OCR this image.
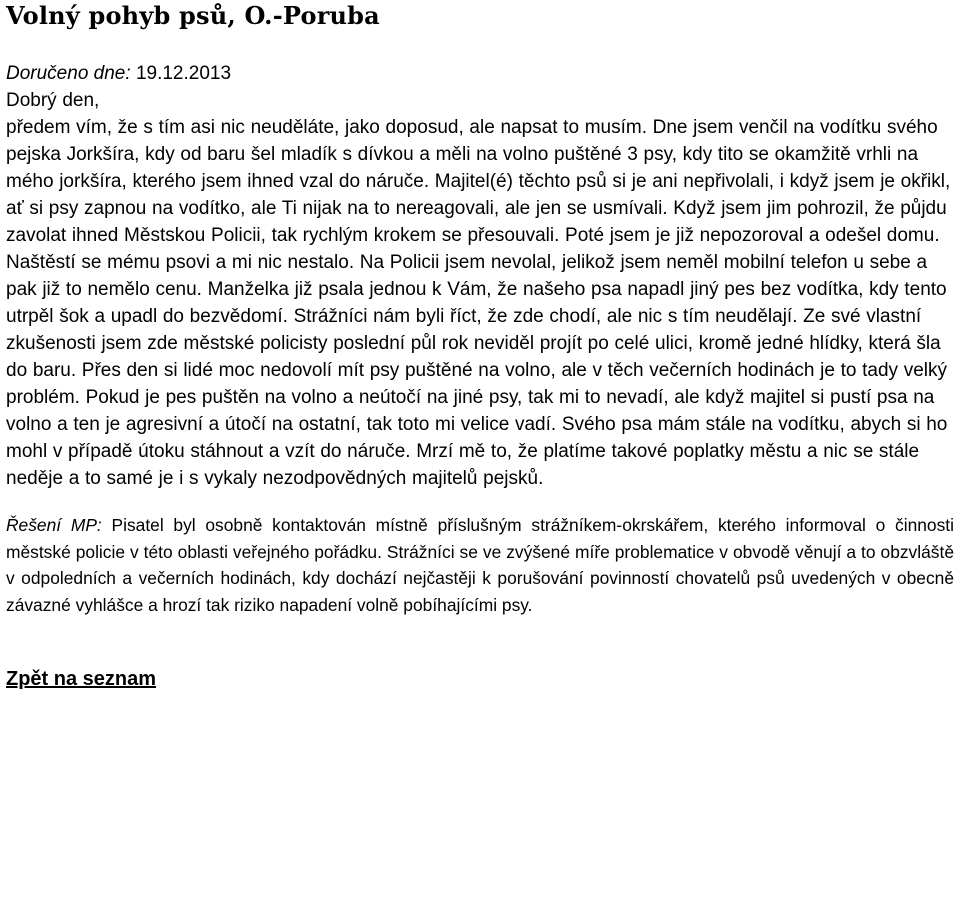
Volný pohyb psů, O.-Poruba
Doručeno dne: 19.12.2013

Dobrý den,

předem vím, že s tím asi nic neuděláte, jako doposud, ale napsat to musím. Dne jsem venčil na vodítku svého pejska Jorkšíra, kdy od baru šel mladík s dívkou a měli na volno puštěné 3 psy, kdy tito se okamžitě vrhli na mého jorkšíra, kterého jsem ihned vzal do náruče. Majitel(é) těchto psů si je ani nepřivolali, i když jsem je okřikl, ať si psy zapnou na vodítko, ale Ti nijak na to nereagovali, ale jen se usmívali. Když jsem jim pohrozil, že půjdu zavolat ihned Městskou Policii, tak rychlým krokem se přesouvali. Poté jsem je již nepozoroval a odešel domu. Naštěstí se mému psovi a mi nic nestalo. Na Policii jsem nevolal, jelikož jsem neměl mobilní telefon u sebe a pak již to nemělo cenu. Manželka již psala jednou k Vám, že našeho psa napadl jiný pes bez vodítka, kdy tento utrpěl šok a upadl do bezvědomí. Strážníci nám byli říct, že zde chodí, ale nic s tím neudělají. Ze své vlastní zkušenosti jsem zde městské policisty poslední půl rok neviděl projít po celé ulici, kromě jedné hlídky, která šla do baru. Přes den si lidé moc nedovolí mít psy puštěné na volno, ale v těch večerních hodinách je to tady velký problém. Pokud je pes puštěn na volno a neútočí na jiné psy, tak mi to nevadí, ale když majitel si pustí psa na volno a ten je agresivní a útočí na ostatní, tak toto mi velice vadí. Svého psa mám stále na vodítku, abych si ho mohl v případě útoku stáhnout a vzít do náruče. Mrzí mě to, že platíme takové poplatky městu a nic se stále neděje a to samé je i s vykaly nezodpovědných majitelů pejsků.

Řešení MP: Pisatel byl osobně kontaktován místně příslušným strážníkem-okrskářem, kterého informoval o činnosti městské policie v této oblasti veřejného pořádku. Strážníci se ve zvýšené míře problematice v obvodě věnují a to obzvláště v odpoledních a večerních hodinách, kdy dochází nejčastěji k porušování povinností chovatelů psů uvedených v obecně závazné vyhlášce a hrozí tak riziko napadení volně pobíhajícími psy.
Zpět na seznam
